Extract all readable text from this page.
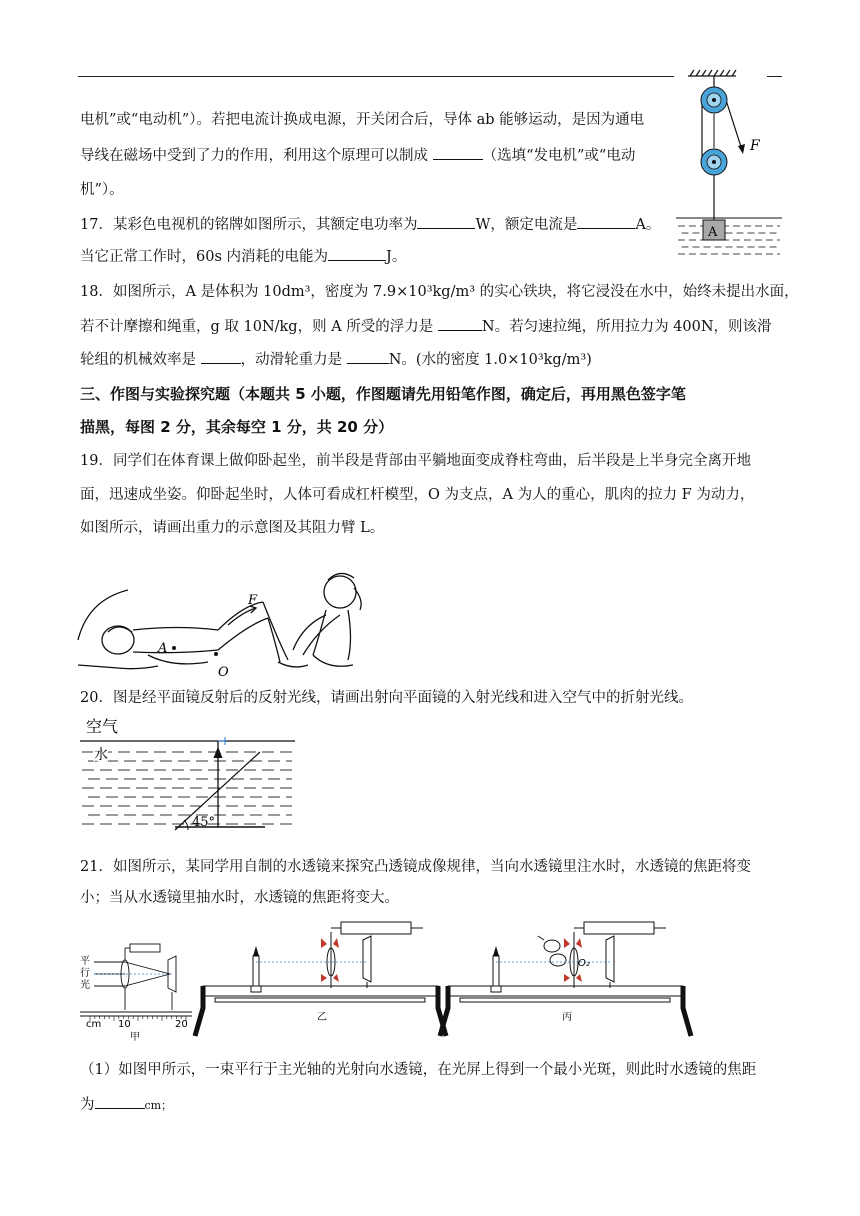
电机”或“电动机”）。若把电流计换成电源，开关闭合后，导体 ab 能够运动，是因为通电
导线在磁场中受到了力的作用，利用这个原理可以制成	（选填“发电机”或“电动
机”）。
17．某彩色电视机的铭牌如图所示，其额定电功率为	W，额定电流是	A。
当它正常工作时，60s 内消耗的电能为	J。
18．如图所示，A 是体积为 10dm³，密度为 7.9×10³kg/m³ 的实心铁块，将它浸没在水中，始终未提出水面，
若不计摩擦和绳重，g 取 10N/kg，则 A 所受的浮力是	N。若匀速拉绳，所用拉力为 400N，则该滑
轮组的机械效率是	，动滑轮重力是	N。(水的密度 1.0×10³kg/m³)
三、作图与实验探究题（本题共 5 小题，作图题请先用铅笔作图，确定后，再用黑色签字笔
描黑，每图 2 分，其余每空 1 分，共 20 分）
19．同学们在体育课上做仰卧起坐，前半段是背部由平躺地面变成脊柱弯曲，后半段是上半身完全离开地
面，迅速成坐姿。仰卧起坐时，人体可看成杠杆模型，O 为支点，A 为人的重心，肌肉的拉力 F 为动力，
如图所示，请画出重力的示意图及其阻力臂 L。
F
A
O
20．图是经平面镜反射后的反射光线，请画出射向平面镜的入射光线和进入空气中的折射光线。
空气
水
45°
21．如图所示，某同学用自制的水透镜来探究凸透镜成像规律，当向水透镜里注水时，水透镜的焦距将变
小；当从水透镜里抽水时，水透镜的焦距将变大。
平
行
光
cm 10	20
甲
乙
O₂
丙
（1）如图甲所示，一束平行于主光轴的光射向水透镜，在光屏上得到一个最小光斑，则此时水透镜的焦距
为	cm；
F
A
